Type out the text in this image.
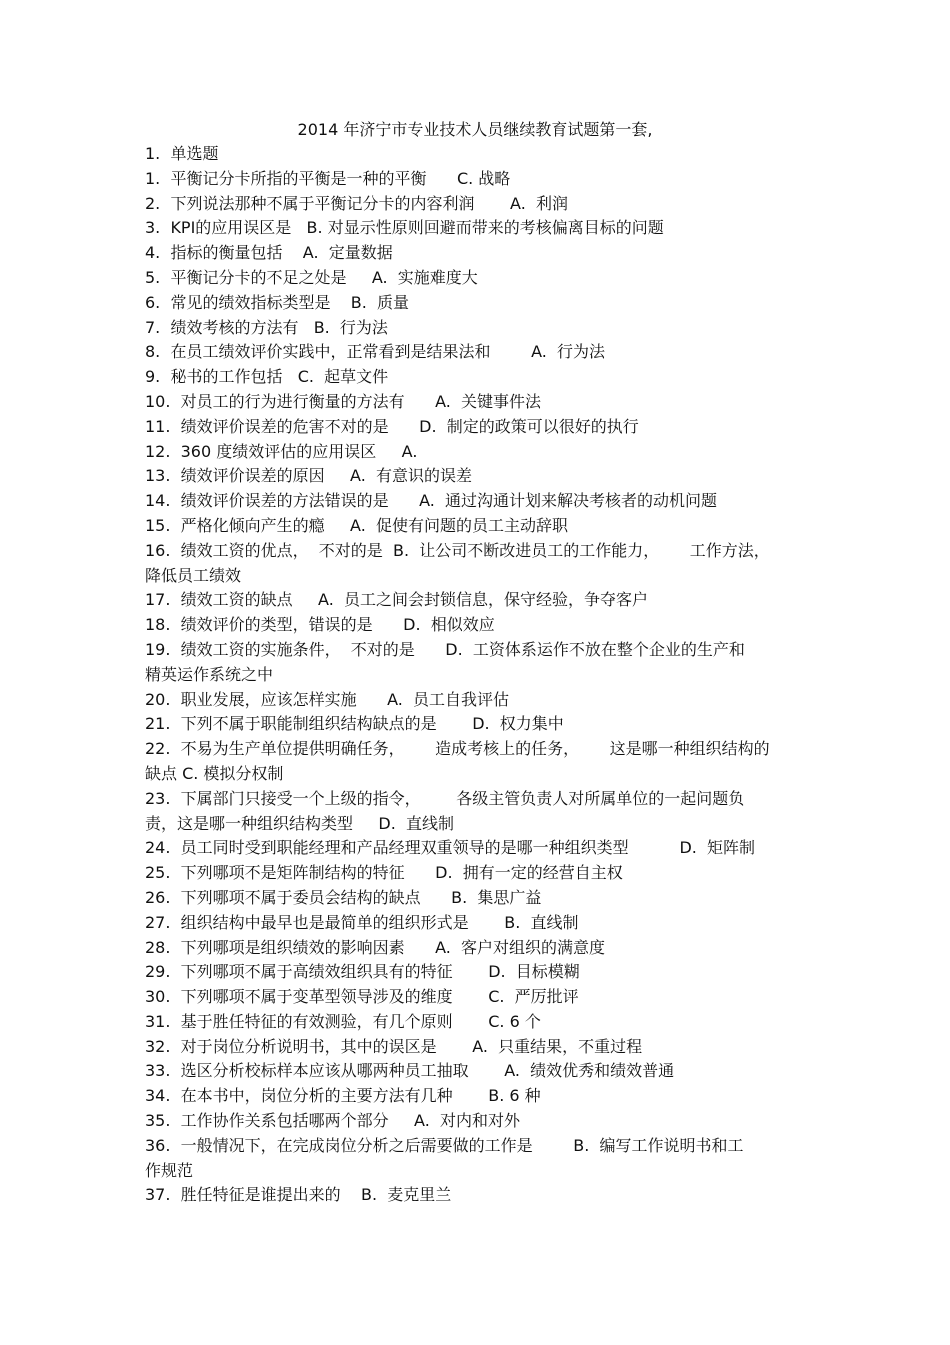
2014 年济宁市专业技术人员继续教育试题第一套,
1.  单选题
1.  平衡记分卡所指的平衡是一种的平衡      C. 战略
2.  下列说法那种不属于平衡记分卡的内容利润       A.  利润
3.  KPI的应用误区是   B. 对显示性原则回避而带来的考核偏离目标的问题
4.  指标的衡量包括    A.  定量数据
5.  平衡记分卡的不足之处是     A.  实施难度大
6.  常见的绩效指标类型是    B.  质量
7.  绩效考核的方法有   B.  行为法
8.  在员工绩效评价实践中，正常看到是结果法和        A.  行为法
9.  秘书的工作包括   C.  起草文件
10.  对员工的行为进行衡量的方法有      A.  关键事件法
11.  绩效评价误差的危害不对的是      D.  制定的政策可以很好的执行
12.  360 度绩效评估的应用误区     A.
13.  绩效评价误差的原因     A.  有意识的误差
14.  绩效评价误差的方法错误的是      A.  通过沟通计划来解决考核者的动机问题
15.  严格化倾向产生的瘾     A.  促使有问题的员工主动辞职
16.  绩效工资的优点，  不对的是  B.  让公司不断改进员工的工作能力，      工作方法，
降低员工绩效
17.  绩效工资的缺点     A.  员工之间会封锁信息，保守经验，争夺客户
18.  绩效评价的类型，错误的是      D.  相似效应
19.  绩效工资的实施条件，  不对的是      D.  工资体系运作不放在整个企业的生产和
精英运作系统之中
20.  职业发展，应该怎样实施      A.  员工自我评估
21.  下列不属于职能制组织结构缺点的是       D.  权力集中
22.  不易为生产单位提供明确任务，      造成考核上的任务，      这是哪一种组织结构的
缺点 C. 模拟分权制
23.  下属部门只接受一个上级的指令，       各级主管负责人对所属单位的一起问题负
责，这是哪一种组织结构类型     D.  直线制
24.  员工同时受到职能经理和产品经理双重领导的是哪一种组织类型          D.  矩阵制
25.  下列哪项不是矩阵制结构的特征      D.  拥有一定的经营自主权
26.  下列哪项不属于委员会结构的缺点      B.  集思广益
27.  组织结构中最早也是最简单的组织形式是       B.  直线制
28.  下列哪项是组织绩效的影响因素      A.  客户对组织的满意度
29.  下列哪项不属于高绩效组织具有的特征       D.  目标模糊
30.  下列哪项不属于变革型领导涉及的维度       C.  严厉批评
31.  基于胜任特征的有效测验，有几个原则       C. 6 个
32.  对于岗位分析说明书，其中的误区是       A.  只重结果，不重过程
33.  选区分析校标样本应该从哪两种员工抽取       A.  绩效优秀和绩效普通
34.  在本书中，岗位分析的主要方法有几种       B. 6 种
35.  工作协作关系包括哪两个部分     A.  对内和对外
36.  一般情况下，在完成岗位分析之后需要做的工作是        B.  编写工作说明书和工
作规范
37.  胜任特征是谁提出来的    B.  麦克里兰
